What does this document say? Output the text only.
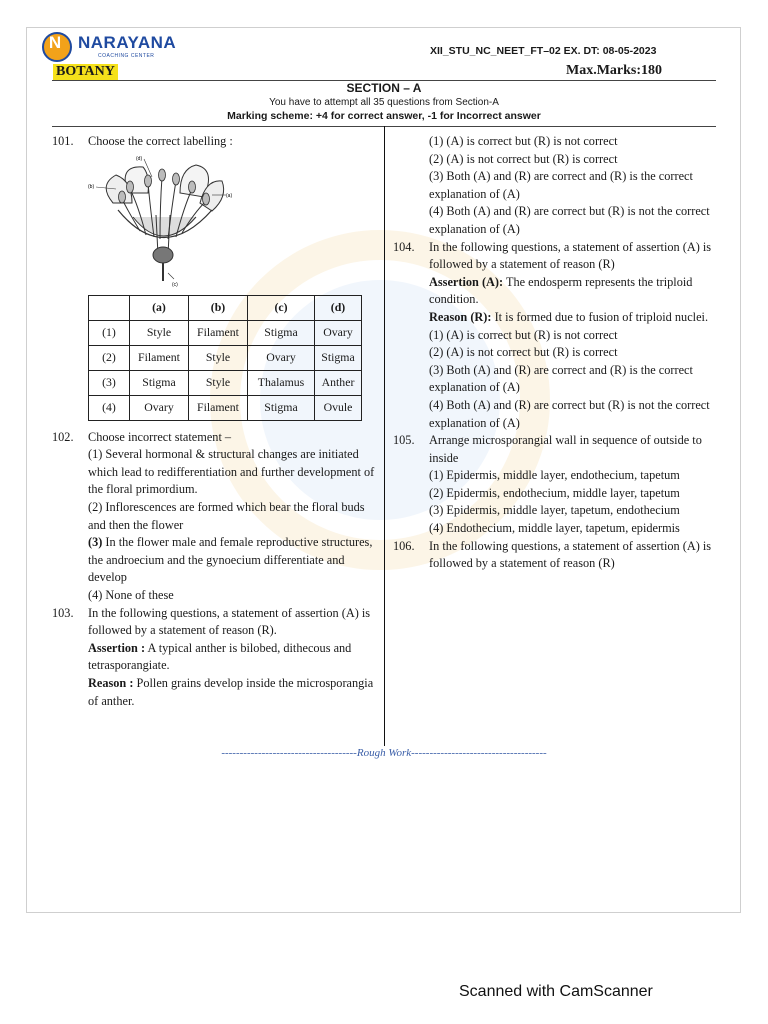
N NARAYANA
COACHING CENTER	XII_STU_NC_NEET_FT–02 EX. DT: 08-05-2023
BOTANY	Max.Marks:180
SECTION – A
You have to attempt all 35 questions from Section-A
Marking scheme: +4 for correct answer, -1 for Incorrect answer
101.	Choose the correct labelling :
(d)
(b)
(a)
(c)
	(a)	(b)	(c)	(d)
(1)	Style	Filament	Stigma	Ovary
(2)	Filament	Style	Ovary	Stigma
(3)	Stigma	Style	Thalamus	Anther
(4)	Ovary	Filament	Stigma	Ovule
102.	Choose incorrect statement –
(1) Several hormonal & structural changes are initiated which lead to redifferentiation and further development of the floral primordium.
(2) Inflorescences are formed which bear the floral buds and then the flower
(3) In the flower male and female reproductive structures, the androecium and the gynoecium differentiate and develop
(4) None of these
103.	In the following questions, a statement of assertion (A) is followed by a statement of reason (R).
Assertion : A typical anther is bilobed, dithecous and tetrasporangiate.
Reason : Pollen grains develop inside the microsporangia of anther.
(1) (A) is correct but (R) is not correct
(2) (A) is not correct but (R) is correct
(3) Both (A) and (R) are correct and (R) is the correct explanation of (A)
(4) Both (A) and (R) are correct but (R) is not the correct explanation of (A)
104.	In the following questions, a statement of assertion (A) is followed by a statement of reason (R)
Assertion (A): The endosperm represents the triploid condition.
Reason (R): It is formed due to fusion of triploid nuclei.
(1) (A) is correct but (R) is not correct
(2) (A) is not correct but (R) is correct
(3) Both (A) and (R) are correct and (R) is the correct explanation of (A)
(4) Both (A) and (R) are correct but (R) is not the correct explanation of (A)
105.	Arrange microsporangial wall in sequence of outside to inside
(1) Epidermis, middle layer, endothecium, tapetum
(2) Epidermis, endothecium, middle layer, tapetum
(3) Epidermis, middle layer, tapetum, endothecium
(4) Endothecium, middle layer, tapetum, epidermis
106.	In the following questions, a statement of assertion (A) is followed by a statement of reason (R)
-------------------------------------Rough Work-------------------------------------
Scanned with CamScanner
